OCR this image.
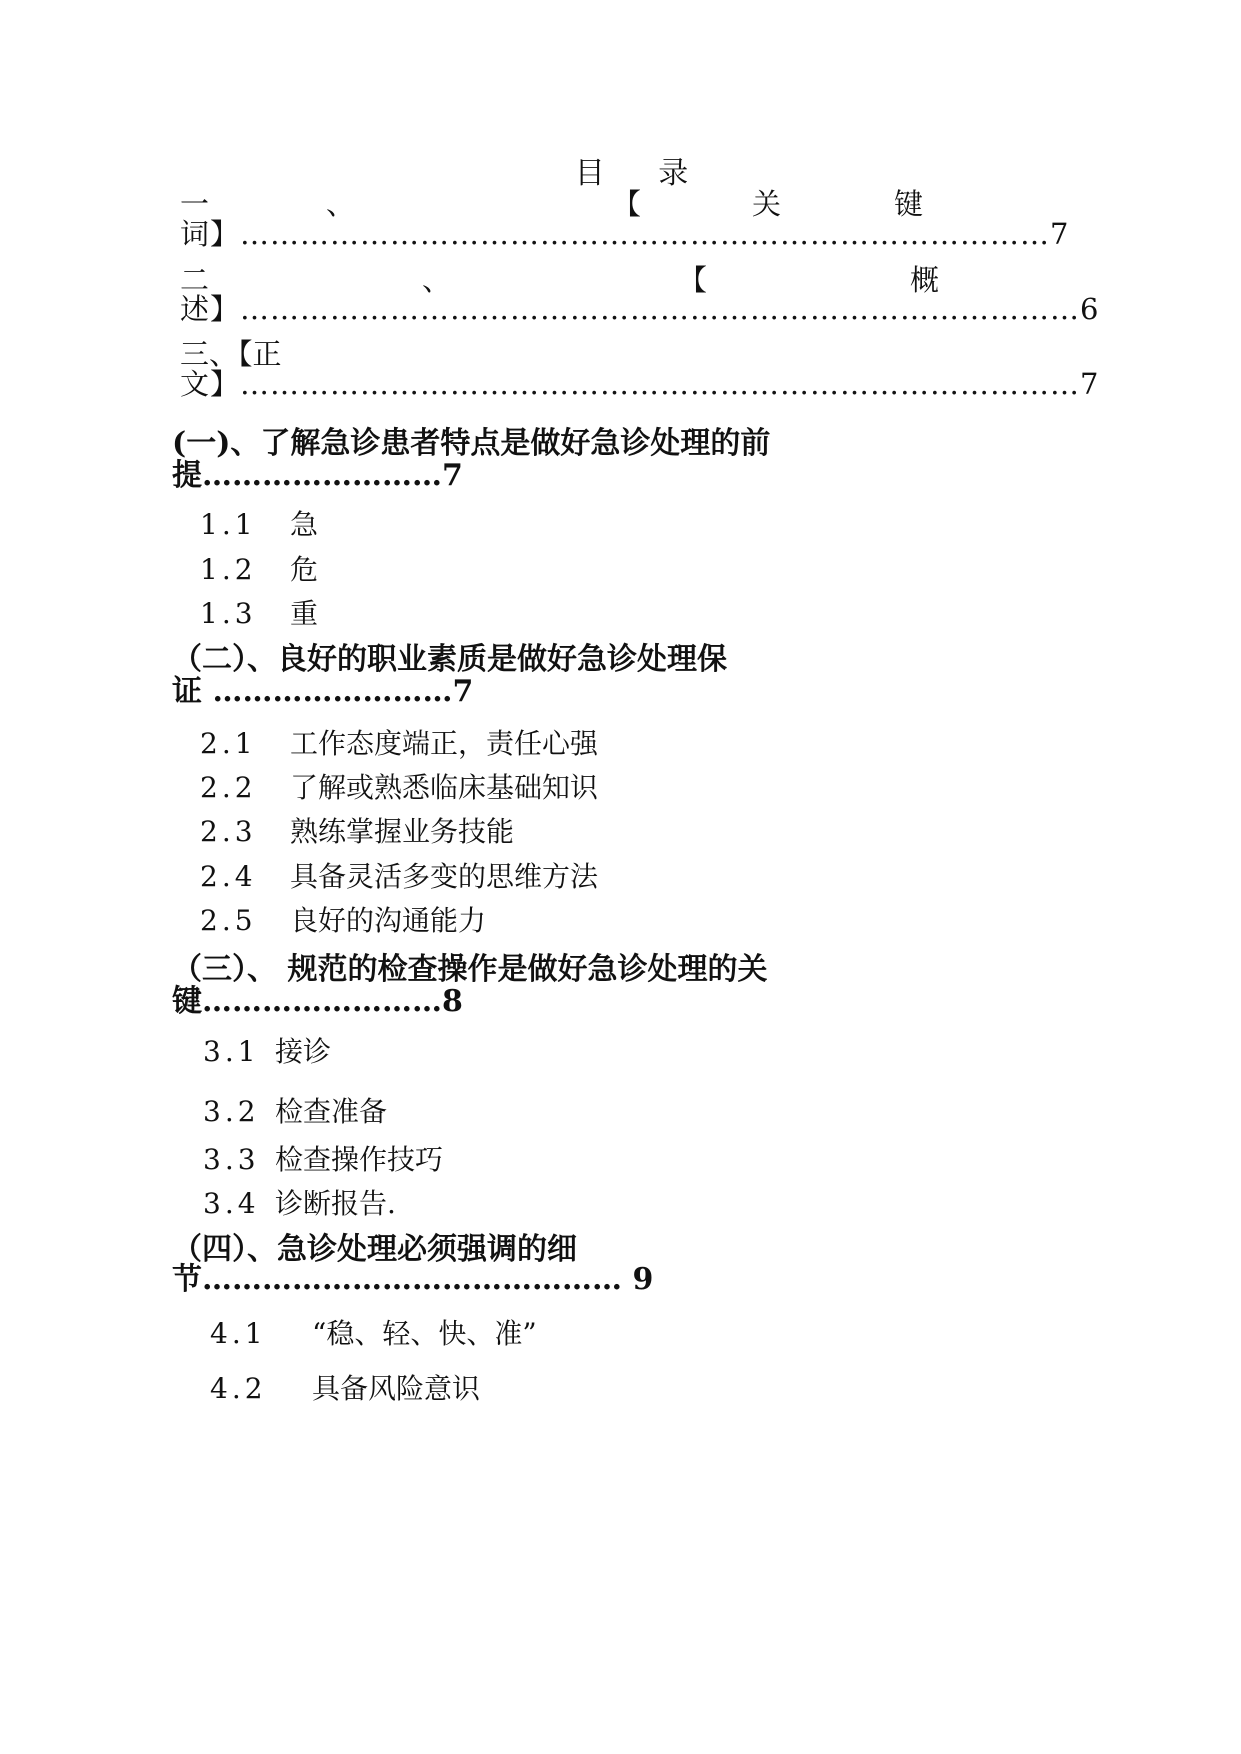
目 录
一	、	【	关	键
词】………………………………………………………………………7
二	、	【	概
述】…………………………………………………………………………6
三、【正
文】…………………………………………………………………………7
(一)、了解急诊患者特点是做好急诊处理的前
提……………………7
1.1 急
1.2 危
1.3 重
（二）、良好的职业素质是做好急诊处理保
证 ……………………7
2.1 工作态度端正，责任心强
2.2 了解或熟悉临床基础知识
2.3 熟练掌握业务技能
2.4 具备灵活多变的思维方法
2.5 良好的沟通能力
（三）、 规范的检查操作是做好急诊处理的关
键……………………8
3.1 接诊
3.2 检查准备
3.3 检查操作技巧
3.4 诊断报告.
（四）、急诊处理必须强调的细
节…………………………………… 9
4.1 “稳、轻、快、准”
4.2 具备风险意识
